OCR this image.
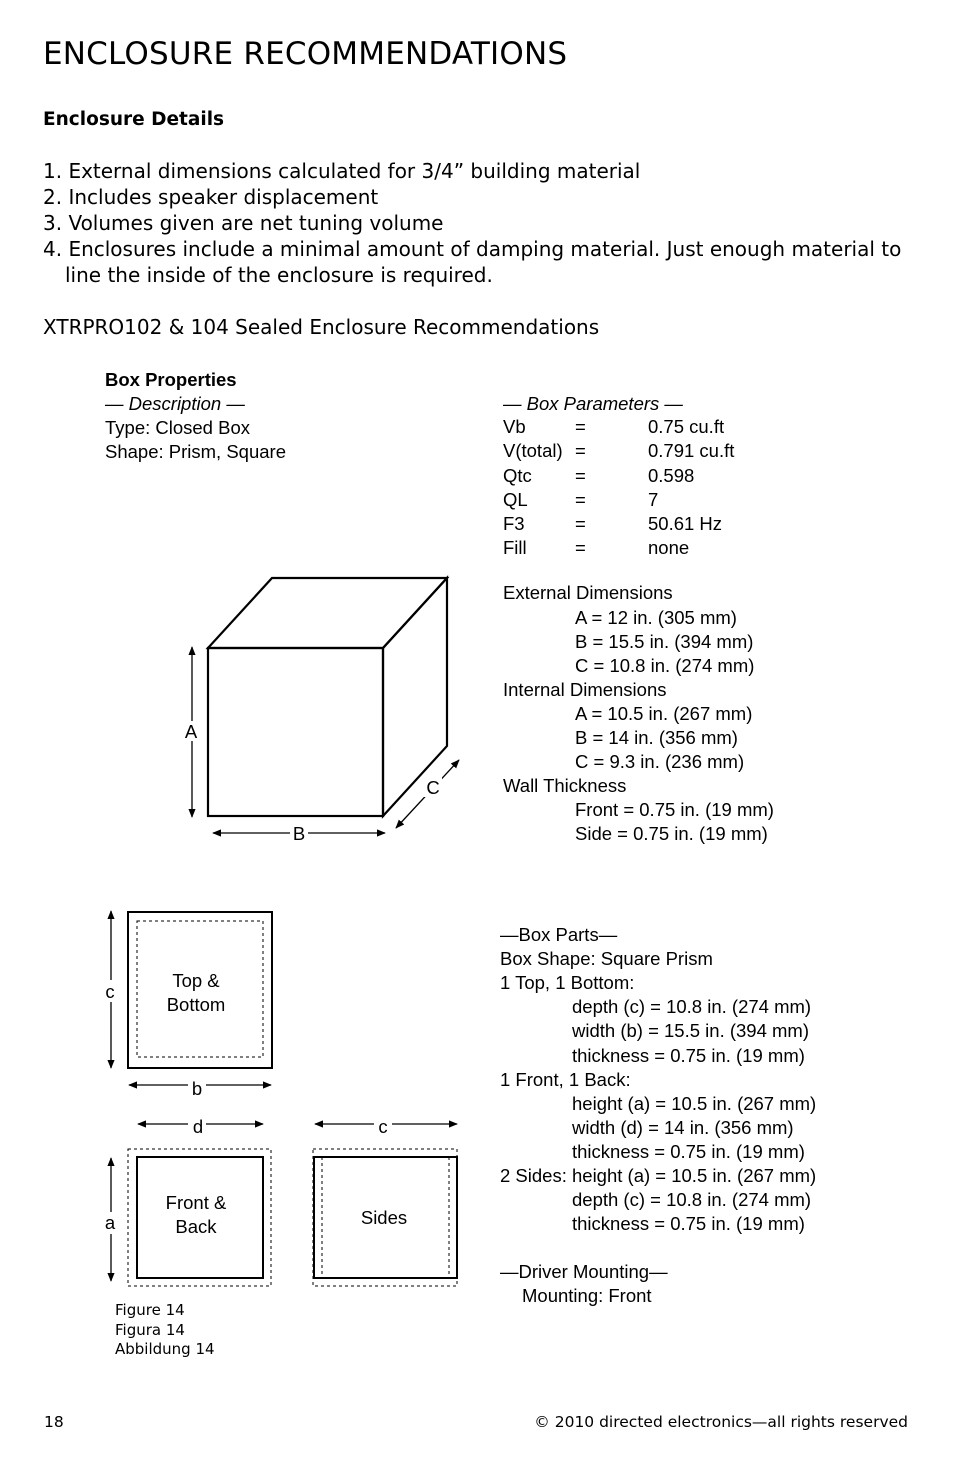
ENCLOSURE RECOMMENDATIONS
Enclosure Details
1. External dimensions calculated for 3/4” building material
2. Includes speaker displacement
3. Volumes given are net tuning volume
4. Enclosures include a minimal amount of damping material. Just enough material to
line the inside of the enclosure is required.
XTRPRO102 & 104 Sealed Enclosure Recommendations
Box Properties
— Description —
Type: Closed Box
Shape: Prism, Square
— Box Parameters —
Vb	=	0.75 cu.ft
V(total) =	0.791 cu.ft
Qtc =	0.598
QL	=	7
F3	=	50.61 Hz
Fill	=	none
External Dimensions
A = 12 in. (305 mm)
B = 15.5 in. (394 mm)
C = 10.8 in. (274 mm)
Internal Dimensions
A = 10.5 in. (267 mm)
B = 14 in. (356 mm)
C = 9.3 in. (236 mm)
Wall Thickness
Front = 0.75 in. (19 mm)
Side = 0.75 in. (19 mm)
—Box Parts—
Box Shape: Square Prism
1 Top, 1 Bottom:
depth (c) = 10.8 in. (274 mm)
width (b) = 15.5 in. (394 mm)
thickness = 0.75 in. (19 mm)
1 Front, 1 Back:
height (a) = 10.5 in. (267 mm)
width (d) = 14 in. (356 mm)
thickness = 0.75 in. (19 mm)
2 Sides: height (a) = 10.5 in. (267 mm)
depth (c) = 10.8 in. (274 mm)
thickness = 0.75 in. (19 mm)
—Driver Mounting—
Mounting: Front
Figure 14
Figura 14
Abbildung 14
18	© 2010 directed electronics—all rights reserved
A
B
C
Top &
Bottom
Front &
Back	Sides
c
b
d	c
a
